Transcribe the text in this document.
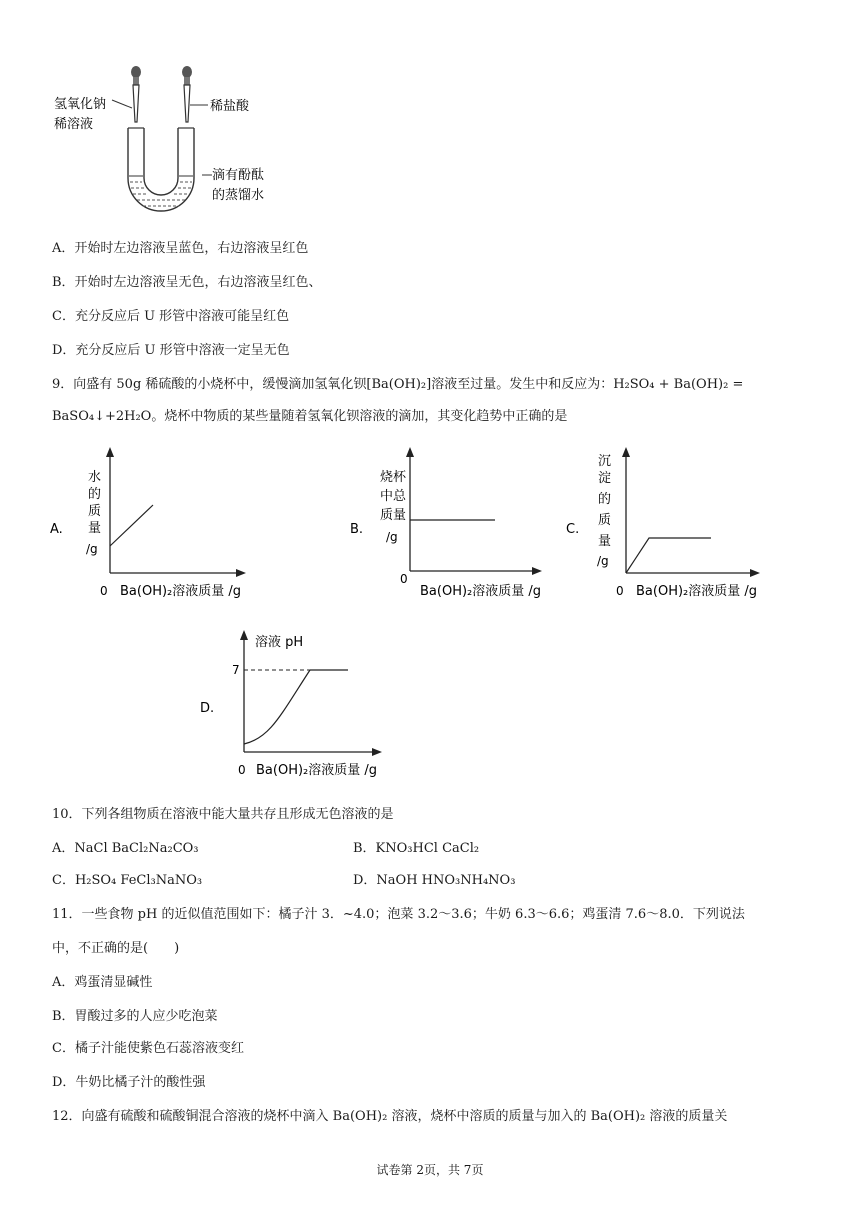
氢氧化钠
稀溶液
稀盐酸
滴有酚酞
的蒸馏水
A．开始时左边溶液呈蓝色，右边溶液呈红色
B．开始时左边溶液呈无色，右边溶液呈红色、
C．充分反应后 U 形管中溶液可能呈红色
D．充分反应后 U 形管中溶液一定呈无色
9．向盛有 50g 稀硫酸的小烧杯中，缓慢滴加氢氧化钡[Ba(OH)₂]溶液至过量。发生中和反应为：H₂SO₄ + Ba(OH)₂ =
BaSO₄↓+2H₂O。烧杯中物质的某些量随着氢氧化钡溶液的滴加，其变化趋势中正确的是
A.
水
的
质
量
/g
0 Ba(OH)₂溶液质量 /g
B.
烧杯
中总
质量
/g
0
Ba(OH)₂溶液质量 /g
C.
沉
淀
的
质
量
/g
0 Ba(OH)₂溶液质量 /g
D.
溶液 pH
7
0 Ba(OH)₂溶液质量 /g
10．下列各组物质在溶液中能大量共存且形成无色溶液的是
A．NaCl BaCl₂Na₂CO₃	B．KNO₃HCl CaCl₂
C．H₂SO₄ FeCl₃NaNO₃	D．NaOH HNO₃NH₄NO₃
11．一些食物 pH 的近似值范围如下：橘子汁 3．~4.0；泡菜 3.2～3.6；牛奶 6.3～6.6；鸡蛋清 7.6～8.0．下列说法
中，不正确的是(　　)
A．鸡蛋清显碱性
B．胃酸过多的人应少吃泡菜
C．橘子汁能使紫色石蕊溶液变红
D．牛奶比橘子汁的酸性强
12．向盛有硫酸和硫酸铜混合溶液的烧杯中滴入 Ba(OH)₂ 溶液，烧杯中溶质的质量与加入的 Ba(OH)₂ 溶液的质量关
试卷第 2页，共 7页
